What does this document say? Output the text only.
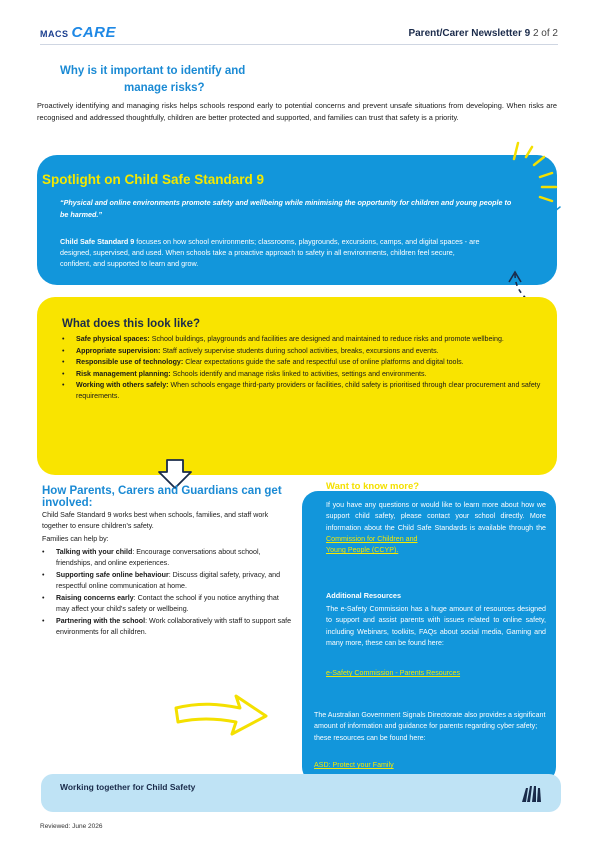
MACS CARE	Parent/Carer Newsletter 9 2 of 2
Why is it important to identify and
manage risks?

Proactively identifying and managing risks helps schools respond early to potential concerns and prevent unsafe situations from developing. When risks are recognised and addressed thoughtfully, children are better protected and supported, and families can trust that safety is a priority.

Spotlight on Child Safe Standard 9

“Physical and online environments promote safety and wellbeing while minimising the opportunity for children and young people to be harmed.”

Child Safe Standard 9 focuses on how school environments; classrooms, playgrounds, excursions, camps, and digital spaces - are designed, supervised, and used. When schools take a proactive approach to safety in all environments, children feel secure, confident, and supported to learn and grow.

What does this look like?
• Safe physical spaces: School buildings, playgrounds and facilities are designed and maintained to reduce risks and promote wellbeing.
• Appropriate supervision: Staff actively supervise students during school activities, breaks, excursions and events.
• Responsible use of technology: Clear expectations guide the safe and respectful use of online platforms and digital tools.
• Risk management planning: Schools identify and manage risks linked to activities, settings and environments.
• Working with others safely: When schools engage third-party providers or facilities, child safety is prioritised through clear procurement and safety requirements.
How Parents, Carers and Guardians can get involved:

Child Safe Standard 9 works best when schools, families, and staff work together to ensure children’s safety.

Families can help by:
• Talking with your child: Encourage conversations about school, friendships, and online experiences.
• Supporting safe online behaviour: Discuss digital safety, privacy, and respectful online communication at home.
• Raising concerns early: Contact the school if you notice anything that may affect your child’s safety or wellbeing.
• Partnering with the school: Work collaboratively with staff to support safe environments for all children.
Want to know more?

If you have any questions or would like to learn more about how we support child safety, please contact your school directly. More information about the Child Safe Standards is available through the Commission for Children and
Young People (CCYP).

Additional Resources

The e-Safety Commission has a huge amount of resources designed to support and assist parents with issues related to online safety, including Webinars, toolkits, FAQs about social media, Gaming and many more, these can be found here:

e-Safety Commission - Parents Resources

The Australian Government Signals Directorate also provides a significant amount of information and guidance for parents regarding cyber safety; these resources can be found here:

ASD: Protect your Family
Working together for Child Safety
Reviewed: June 2026
